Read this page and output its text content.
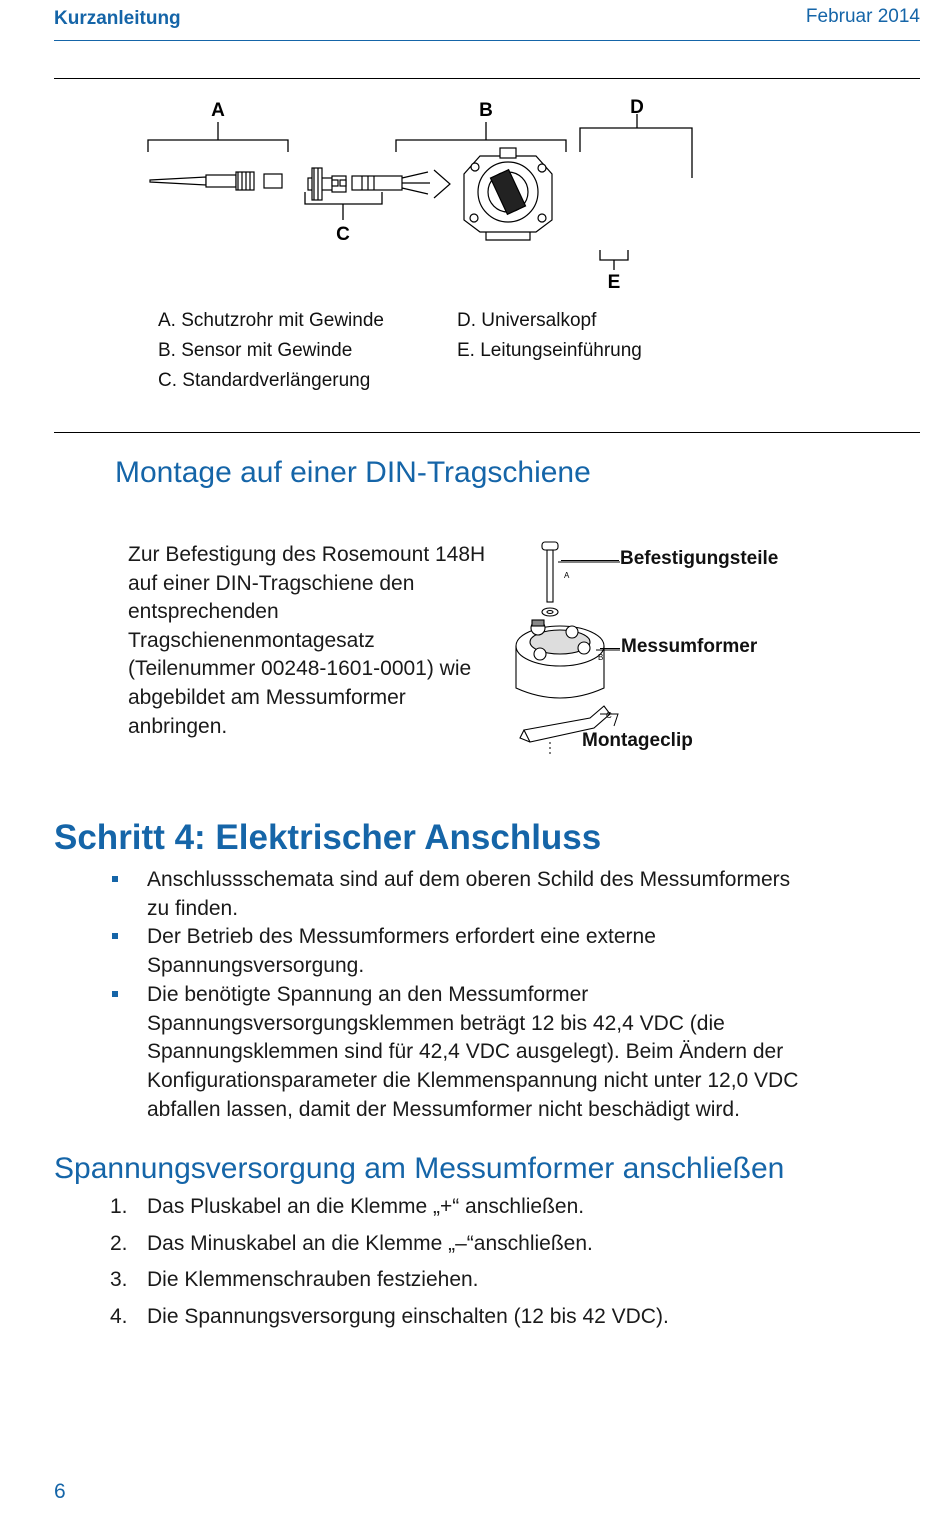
Kurzanleitung	Februar 2014
A	B	D
C
E
A. Schutzrohr mit Gewinde
B. Sensor mit Gewinde
C. Standardverlängerung
D. Universalkopf
E. Leitungseinführung
Montage auf einer DIN-Tragschiene
Zur Befestigung des Rosemount 148H auf einer DIN-Tragschiene den entsprechenden Tragschienenmontagesatz (Teilenummer 00248-1601-0001) wie abgebildet am Messumformer anbringen.
A
B
C
Befestigungsteile
Messumformer
Montageclip
Schritt 4: Elektrischer Anschluss
Anschlussschemata sind auf dem oberen Schild des Messumformers
zu finden.
Der Betrieb des Messumformers erfordert eine externe
Spannungsversorgung.
Die benötigte Spannung an den Messumformer
Spannungsversorgungsklemmen beträgt 12 bis 42,4 VDC (die
Spannungsklemmen sind für 42,4 VDC ausgelegt). Beim Ändern der
Konfigurationsparameter die Klemmenspannung nicht unter 12,0 VDC
abfallen lassen, damit der Messumformer nicht beschädigt wird.
Spannungsversorgung am Messumformer anschließen
1. Das Pluskabel an die Klemme „+“ anschließen.
2. Das Minuskabel an die Klemme „–“anschließen.
3. Die Klemmenschrauben festziehen.
4. Die Spannungsversorgung einschalten (12 bis 42 VDC).
6
